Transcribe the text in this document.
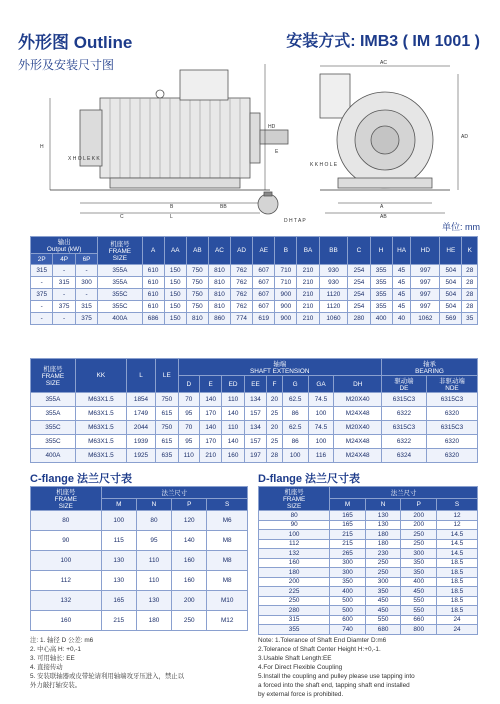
外形图 Outline
外形及安装尺寸图
安装方式: IMB3 ( IM 1001 )
X H O L E K K
B
L
HD
H
E
C
BB
AC
A
AB
AD
K K H O L E
D H T A P
单位: mm
输出
Output (kW)			机座号
FRAME
SIZE	A	AA	AB	AC	AD	AE	B	BA	BB	C	H	HA	HD	HE	K
2P	4P	6P																
315	-	-	355A	610	150	750	810	762	607	710	210	930	254	355	45	997	504	28
-	315	300	355A	610	150	750	810	762	607	710	210	930	254	355	45	997	504	28
375	-	-	355C	610	150	750	810	762	607	900	210	1120	254	355	45	997	504	28
-	375	315	355C	610	150	750	810	762	607	900	210	1120	254	355	45	997	504	28
-	-	375	400A	686	150	810	860	774	619	900	210	1060	280	400	40	1062	569	35
机座号
FRAME
SIZE	KK	L	LE	轴端
SHAFT EXTENSION								轴承
BEARING	
				D	E	ED	EE	F	G	GA	DH	驱动端
DE	非驱动端
NDE
355A	M63X1.5	1854	750	70	140	110	134	20	62.5	74.5	M20X40	6315C3	6315C3
355A	M63X1.5	1749	615	95	170	140	157	25	86	100	M24X48	6322	6320
355C	M63X1.5	2044	750	70	140	110	134	20	62.5	74.5	M20X40	6315C3	6315C3
355C	M63X1.5	1939	615	95	170	140	157	25	86	100	M24X48	6322	6320
400A	M63X1.5	1925	635	110	210	160	197	28	100	116	M24X48	6324	6320
C-flange 法兰尺寸表	D-flange 法兰尺寸表
机座号
FRAME
SIZE	法兰尺寸			
	M	N	P	S
80	100	80	120	M6
90	115	95	140	M8
100	130	110	160	M8
112	130	110	160	M8
132	165	130	200	M10
160	215	180	250	M12
机座号
FRAME
SIZE	法兰尺寸			
	M	N	P	S
80	165	130	200	12
90	165	130	200	12
100	215	180	250	14.5
112	215	180	250	14.5
132	265	230	300	14.5
160	300	250	350	18.5
180	300	250	350	18.5
200	350	300	400	18.5
225	400	350	450	18.5
250	500	450	550	18.5
280	500	450	550	18.5
315	600	550	660	24
355	740	680	800	24
注: 1. 轴径 D 公差: m6
2. 中心高 H: +0,-1
3. 可用轴长: EE
4. 直接传动
5. 安装联轴器或皮带轮请利用轴端攻牙压进入，禁止以
外力敲打轴安装。
Note: 1.Tolerance of Shaft End Diamter D:m6
2.Tolerance of Shaft Center Height H:+0,-1.
3.Usable Shaft Length:EE
4.For Direct Flexible Coupling
5.Install the coupling and pulley please use tapping into
a forced into the shaft end, tapping shaft end installed
by external force is prohibited.
